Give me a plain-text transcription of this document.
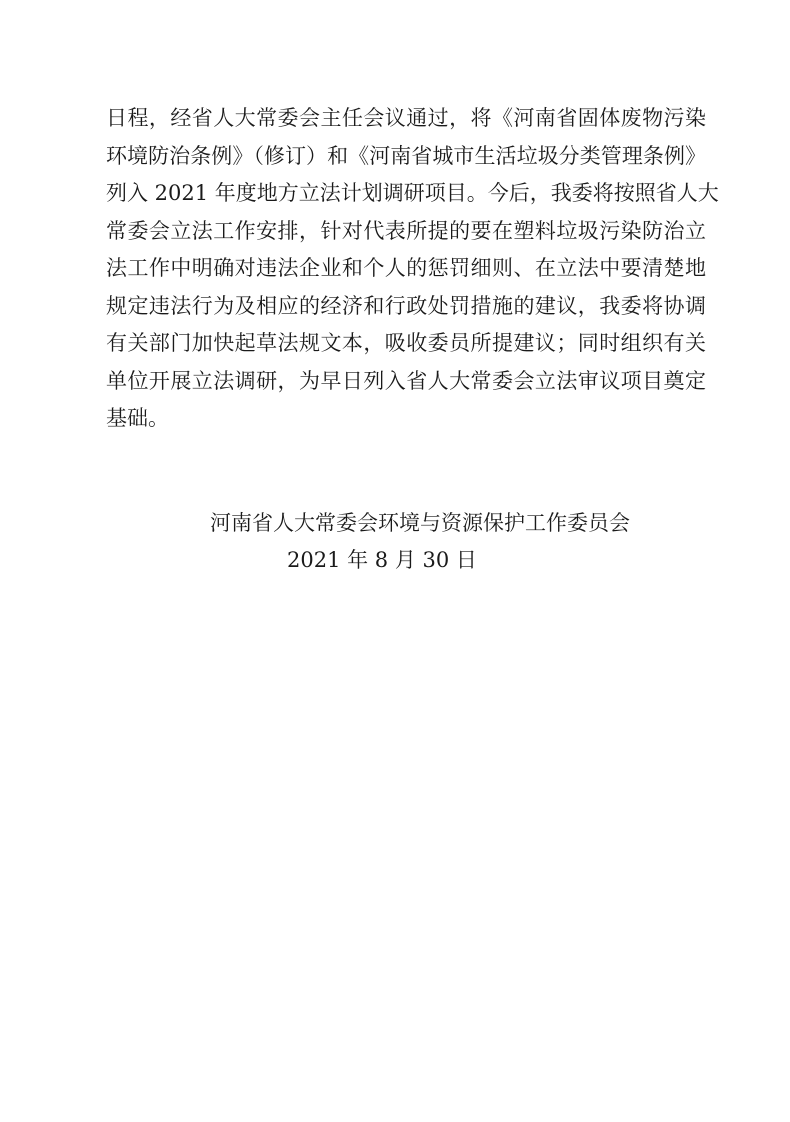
日程，经省人大常委会主任会议通过，将《河南省固体废物污染
环境防治条例》（修订）和《河南省城市生活垃圾分类管理条例》
列入 2021 年度地方立法计划调研项目。今后，我委将按照省人大
常委会立法工作安排，针对代表所提的要在塑料垃圾污染防治立
法工作中明确对违法企业和个人的惩罚细则、在立法中要清楚地
规定违法行为及相应的经济和行政处罚措施的建议，我委将协调
有关部门加快起草法规文本，吸收委员所提建议；同时组织有关
单位开展立法调研，为早日列入省人大常委会立法审议项目奠定
基础。
河南省人大常委会环境与资源保护工作委员会
2021 年 8 月 30 日
